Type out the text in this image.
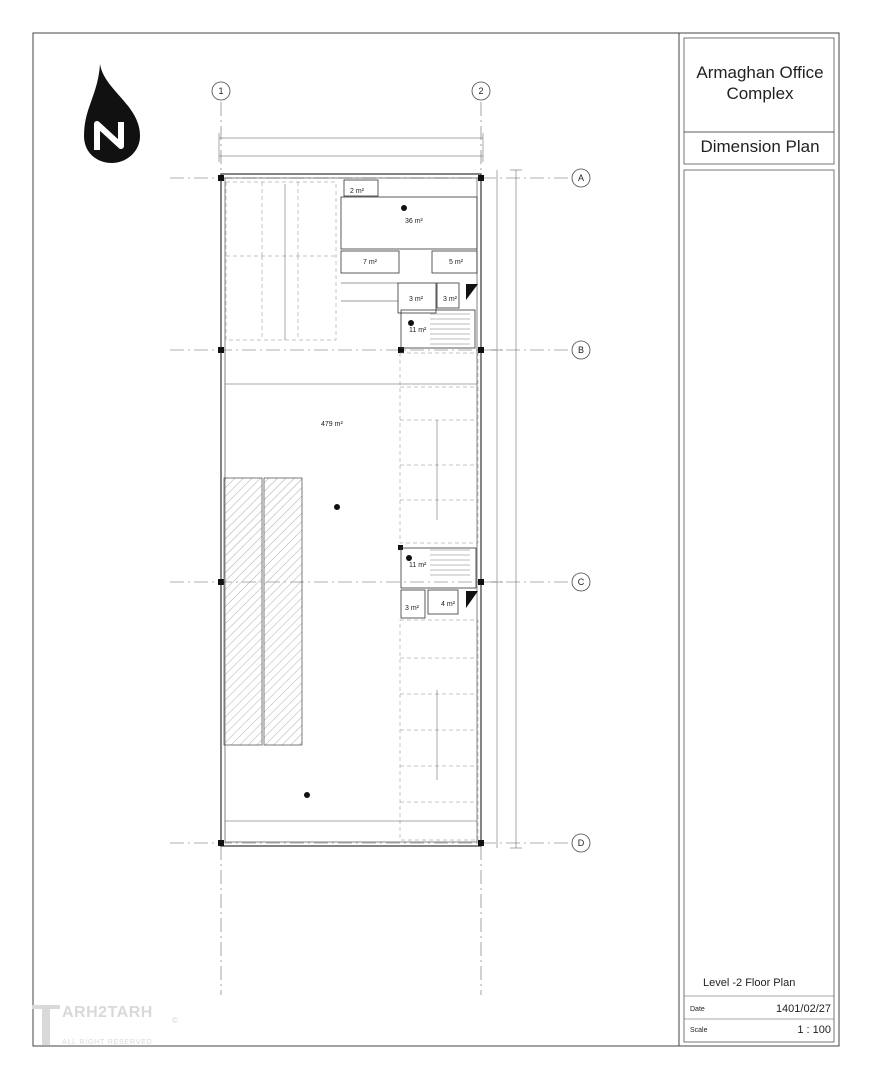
1	2
A
B
C
D
2 m²
36 m²
7 m²	5 m²
3 m²	3 m²
11 m²
479 m²
11 m²
3 m²
4 m²
Armaghan Office
Complex
Dimension Plan
Level -2 Floor Plan
Date	1401/02/27
Scale	1 : 100
ARH2TARH
ALL RIGHT RESERVED
©
